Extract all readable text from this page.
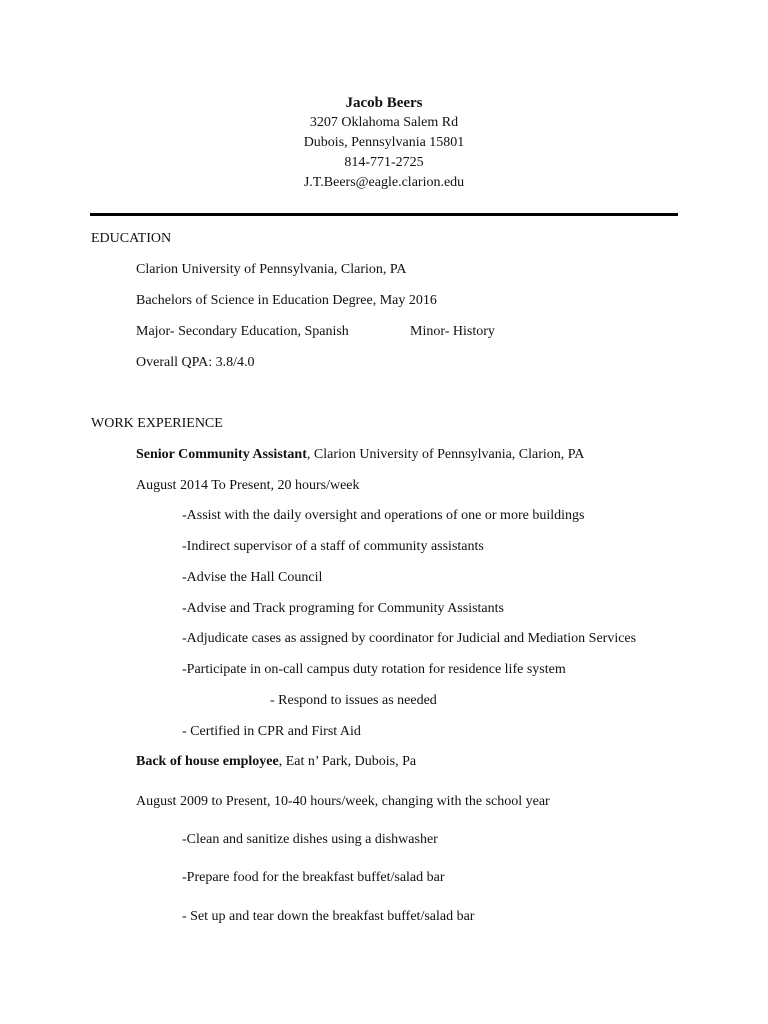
Jacob Beers
3207 Oklahoma Salem Rd
Dubois, Pennsylvania 15801
814-771-2725
J.T.Beers@eagle.clarion.edu
EDUCATION
Clarion University of Pennsylvania, Clarion, PA
Bachelors of Science in Education Degree, May 2016
Major- Secondary Education, Spanish	Minor- History
Overall QPA: 3.8/4.0
WORK EXPERIENCE
Senior Community Assistant, Clarion University of Pennsylvania, Clarion, PA
August 2014 To Present, 20 hours/week
-Assist with the daily oversight and operations of one or more buildings
-Indirect supervisor of a staff of community assistants
-Advise the Hall Council
-Advise and Track programing for Community Assistants
-Adjudicate cases as assigned by coordinator for Judicial and Mediation Services
-Participate in on-call campus duty rotation for residence life system
- Respond to issues as needed
- Certified in CPR and First Aid
Back of house employee, Eat n’ Park, Dubois, Pa
August 2009 to Present, 10-40 hours/week, changing with the school year
-Clean and sanitize dishes using a dishwasher
-Prepare food for the breakfast buffet/salad bar
- Set up and tear down the breakfast buffet/salad bar
